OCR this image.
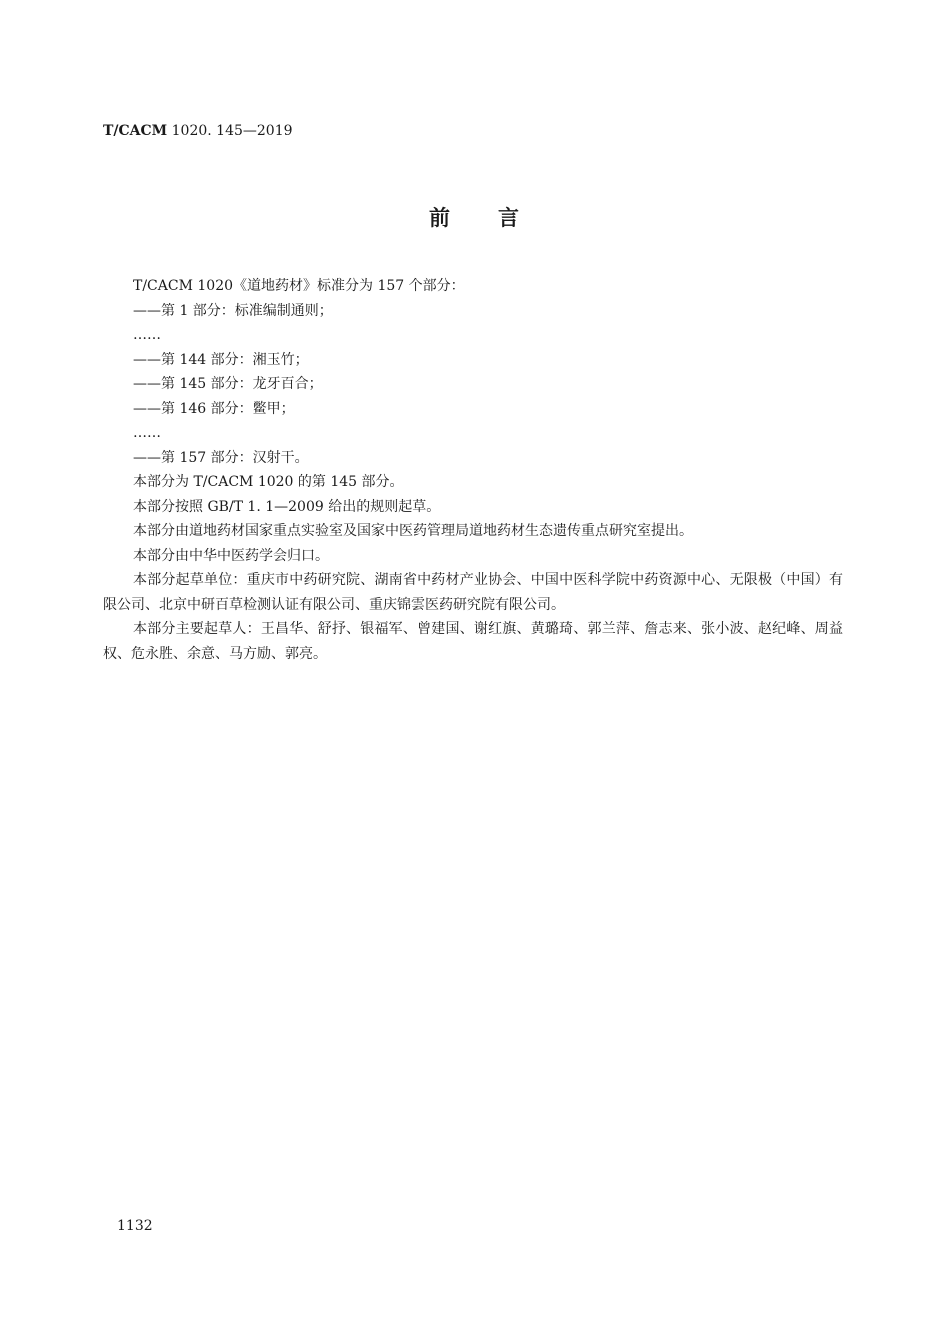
T/CACM 1020. 145—2019
前 言
T/CACM 1020《道地药材》标准分为 157 个部分：
——第 1 部分：标准编制通则；
……
——第 144 部分：湘玉竹；
——第 145 部分：龙牙百合；
——第 146 部分：鳖甲；
……
——第 157 部分：汉射干。
本部分为 T/CACM 1020 的第 145 部分。
本部分按照 GB/T 1. 1—2009 给出的规则起草。
本部分由道地药材国家重点实验室及国家中医药管理局道地药材生态遗传重点研究室提出。
本部分由中华中医药学会归口。
本部分起草单位：重庆市中药研究院、湖南省中药材产业协会、中国中医科学院中药资源中心、无限极（中国）有限公司、北京中研百草检测认证有限公司、重庆锦雲医药研究院有限公司。
本部分主要起草人：王昌华、舒抒、银福军、曾建国、谢红旗、黄璐琦、郭兰萍、詹志来、张小波、赵纪峰、周益权、危永胜、余意、马方励、郭亮。
1132
